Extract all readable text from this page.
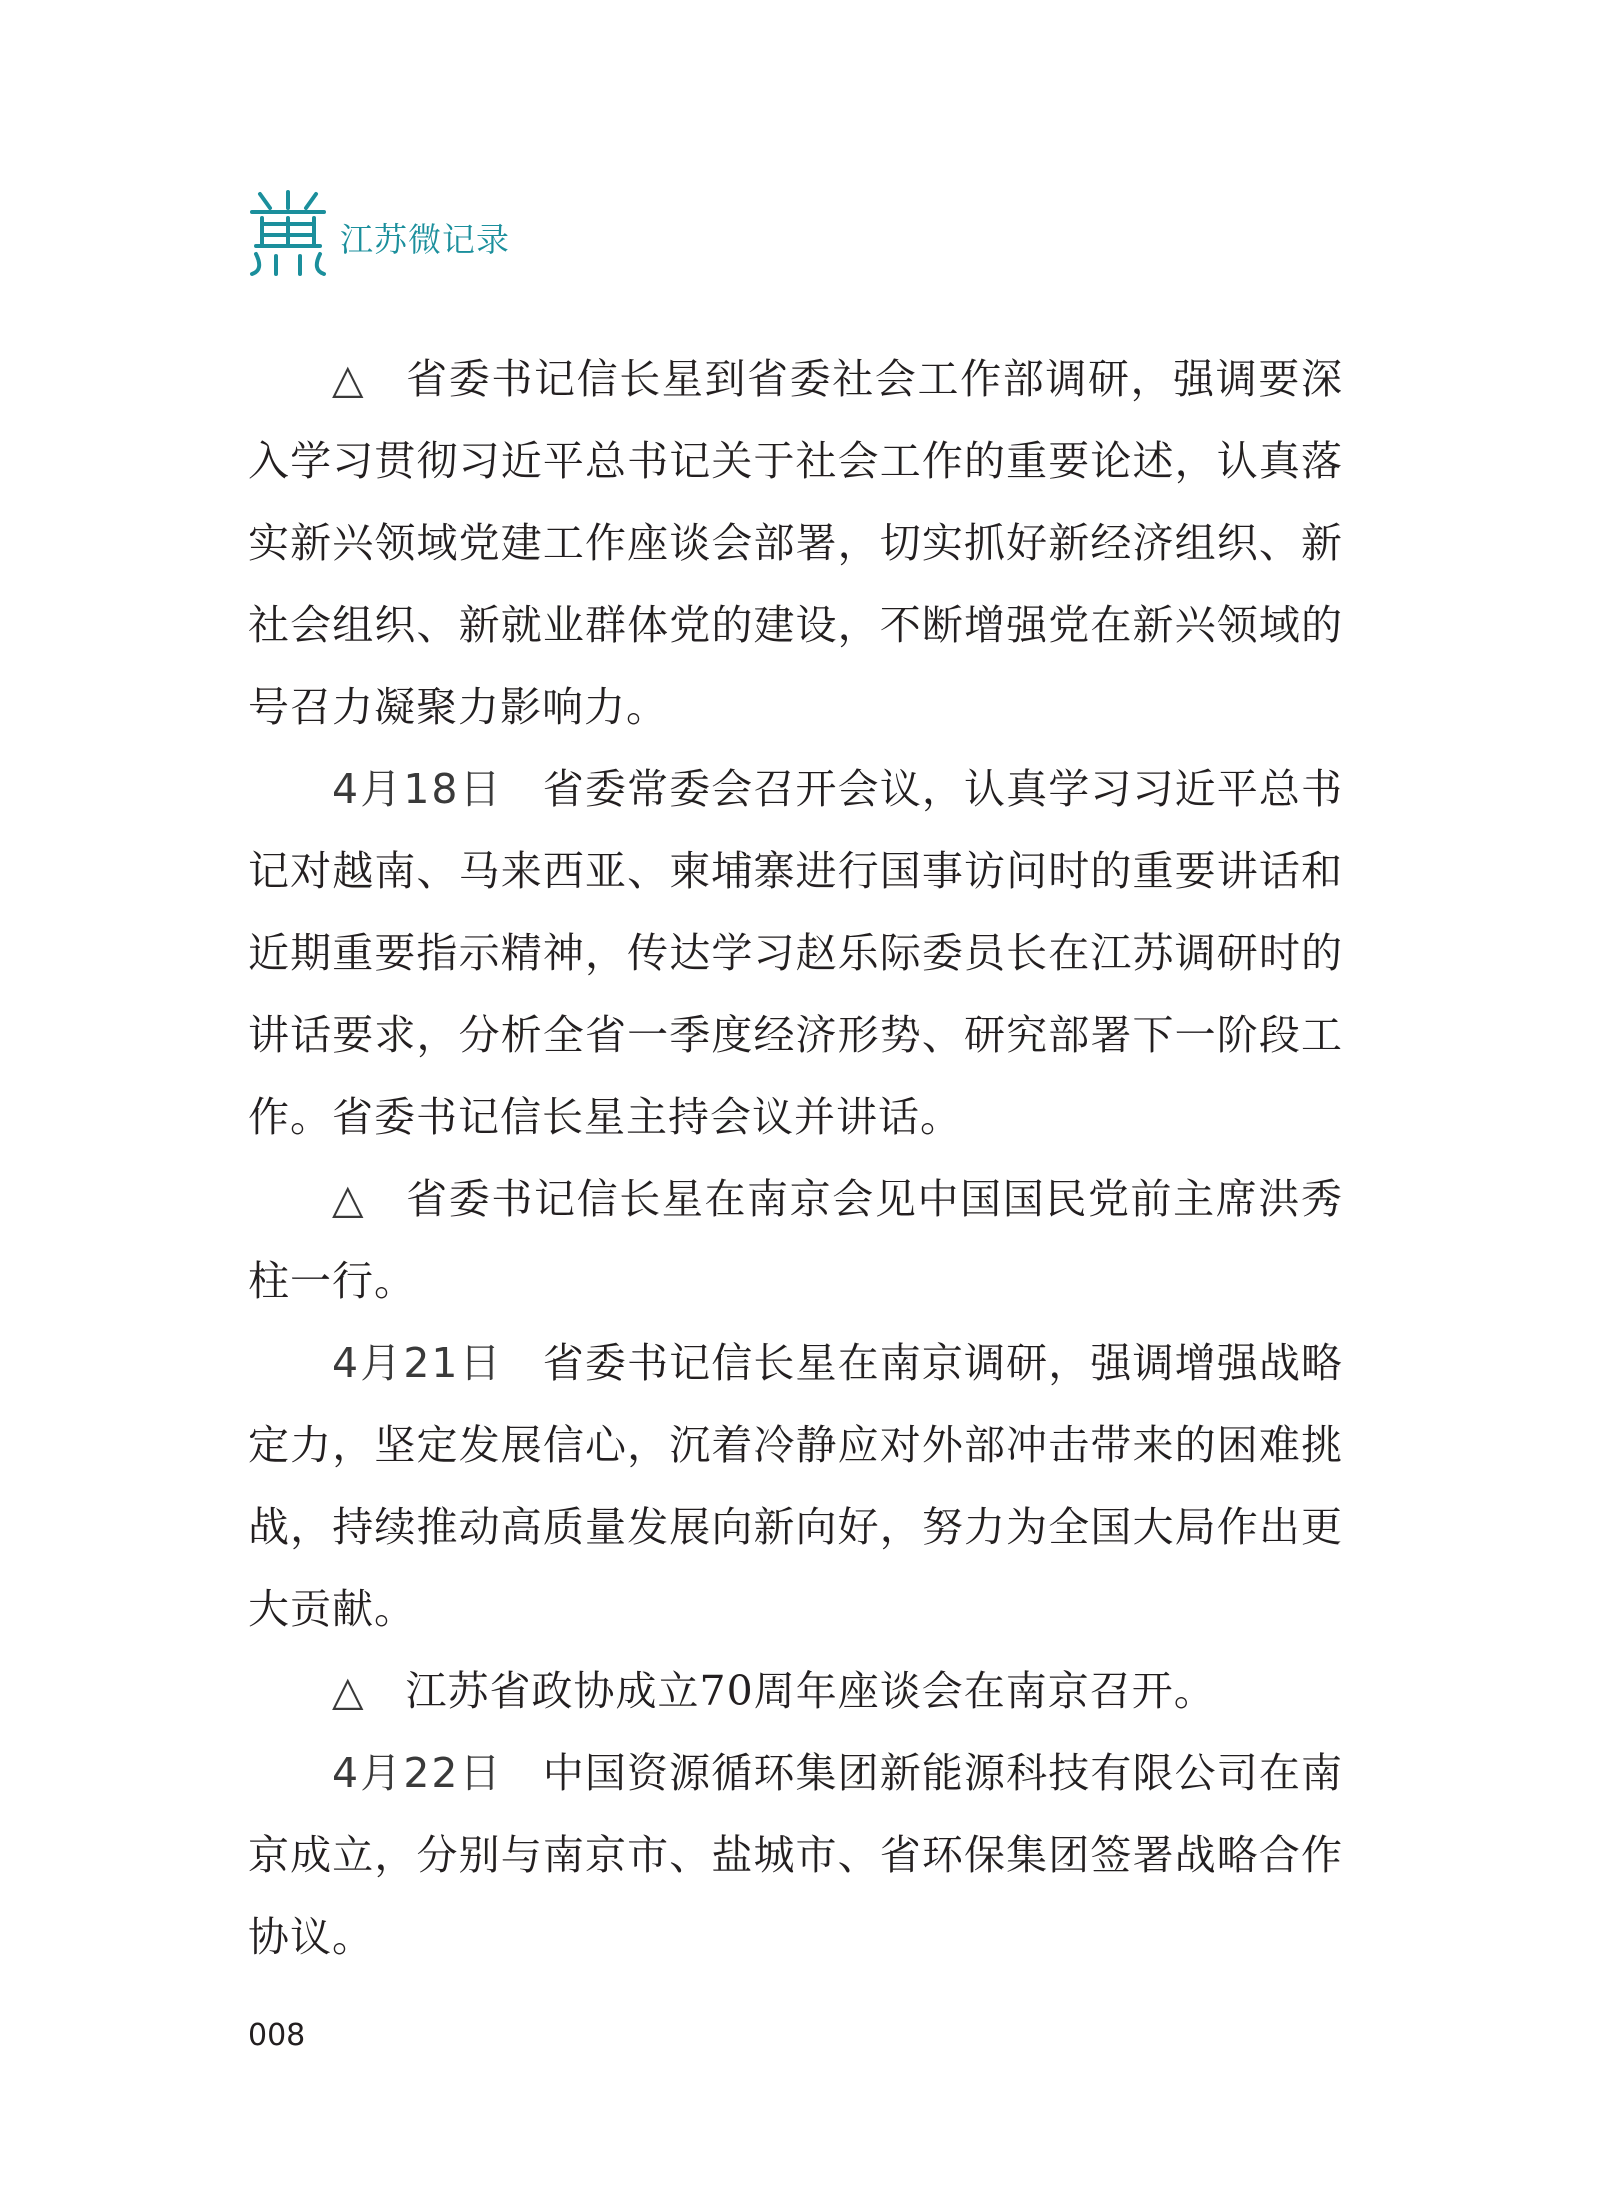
江苏微记录

△ 省委书记信长星到省委社会工作部调研，强调要深入学习贯彻习近平总书记关于社会工作的重要论述，认真落实新兴领域党建工作座谈会部署，切实抓好新经济组织、新社会组织、新就业群体党的建设，不断增强党在新兴领域的号召力凝聚力影响力。

4月18日 省委常委会召开会议，认真学习习近平总书记对越南、马来西亚、柬埔寨进行国事访问时的重要讲话和近期重要指示精神，传达学习赵乐际委员长在江苏调研时的讲话要求，分析全省一季度经济形势、研究部署下一阶段工作。省委书记信长星主持会议并讲话。

△ 省委书记信长星在南京会见中国国民党前主席洪秀柱一行。

4月21日 省委书记信长星在南京调研，强调增强战略定力，坚定发展信心，沉着冷静应对外部冲击带来的困难挑战，持续推动高质量发展向新向好，努力为全国大局作出更大贡献。

△ 江苏省政协成立70周年座谈会在南京召开。

4月22日 中国资源循环集团新能源科技有限公司在南京成立，分别与南京市、盐城市、省环保集团签署战略合作协议。

008
